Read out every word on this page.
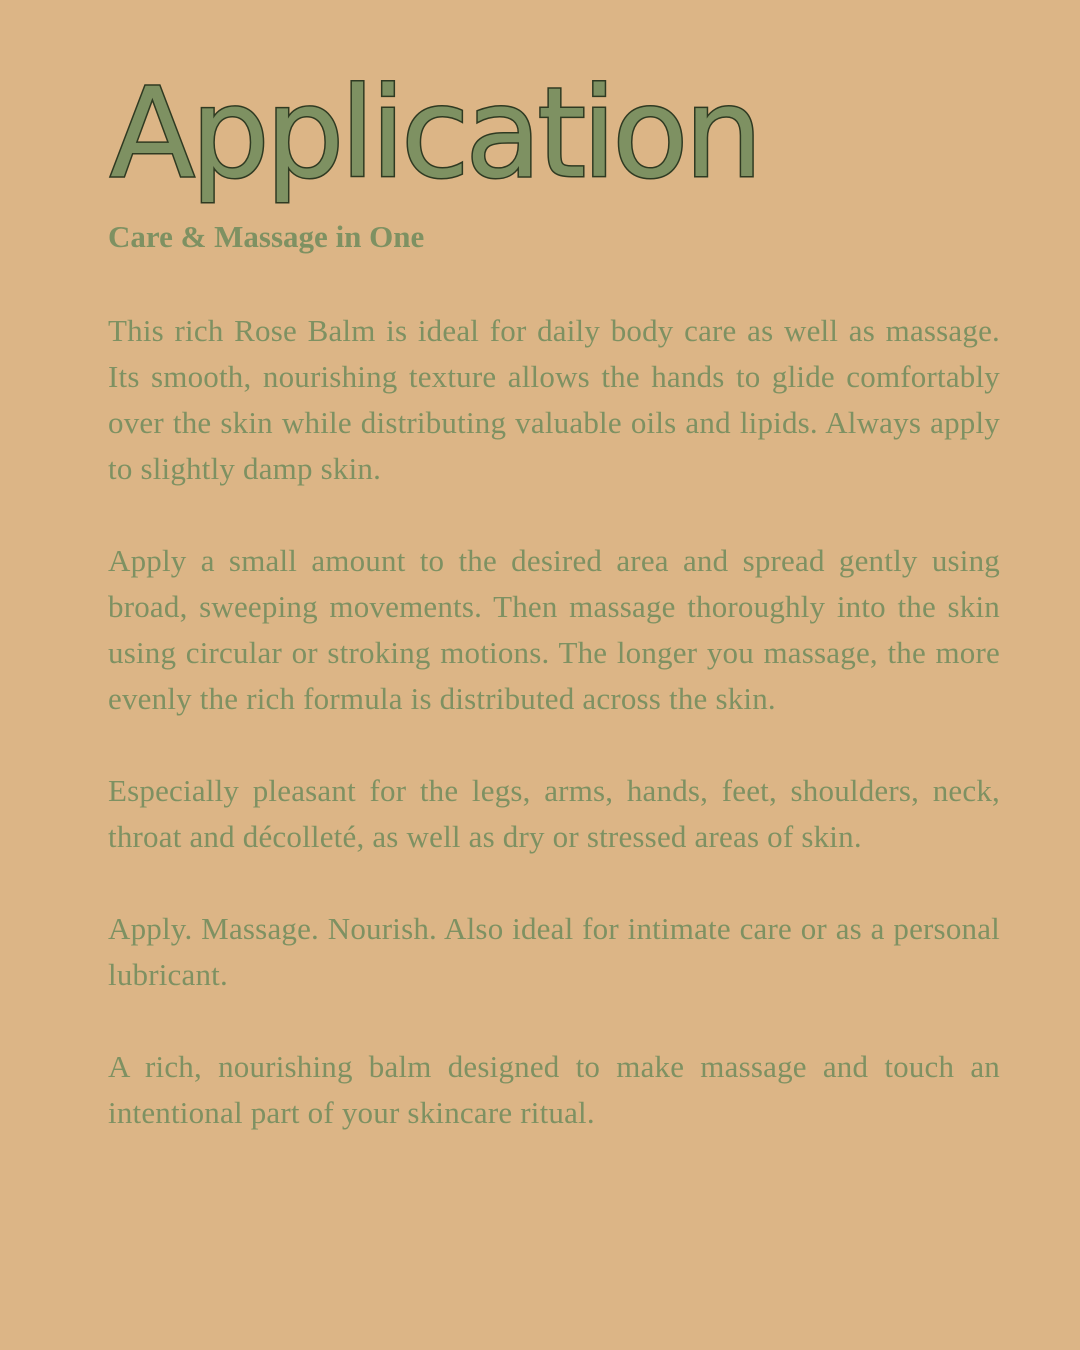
Application
Care & Massage in One

This rich Rose Balm is ideal for daily body care as well as massage. Its smooth, nourishing texture allows the hands to glide comfortably over the skin while distributing valuable oils and lipids. Always apply to slightly damp skin.

Apply a small amount to the desired area and spread gently using broad, sweeping movements. Then massage thoroughly into the skin using circular or stroking motions. The longer you massage, the more evenly the rich formula is distributed across the skin.

Especially pleasant for the legs, arms, hands, feet, shoulders, neck, throat and décolleté, as well as dry or stressed areas of skin.

Apply. Massage. Nourish. Also ideal for intimate care or as a personal lubricant.

A rich, nourishing balm designed to make massage and touch an intentional part of your skincare ritual.
